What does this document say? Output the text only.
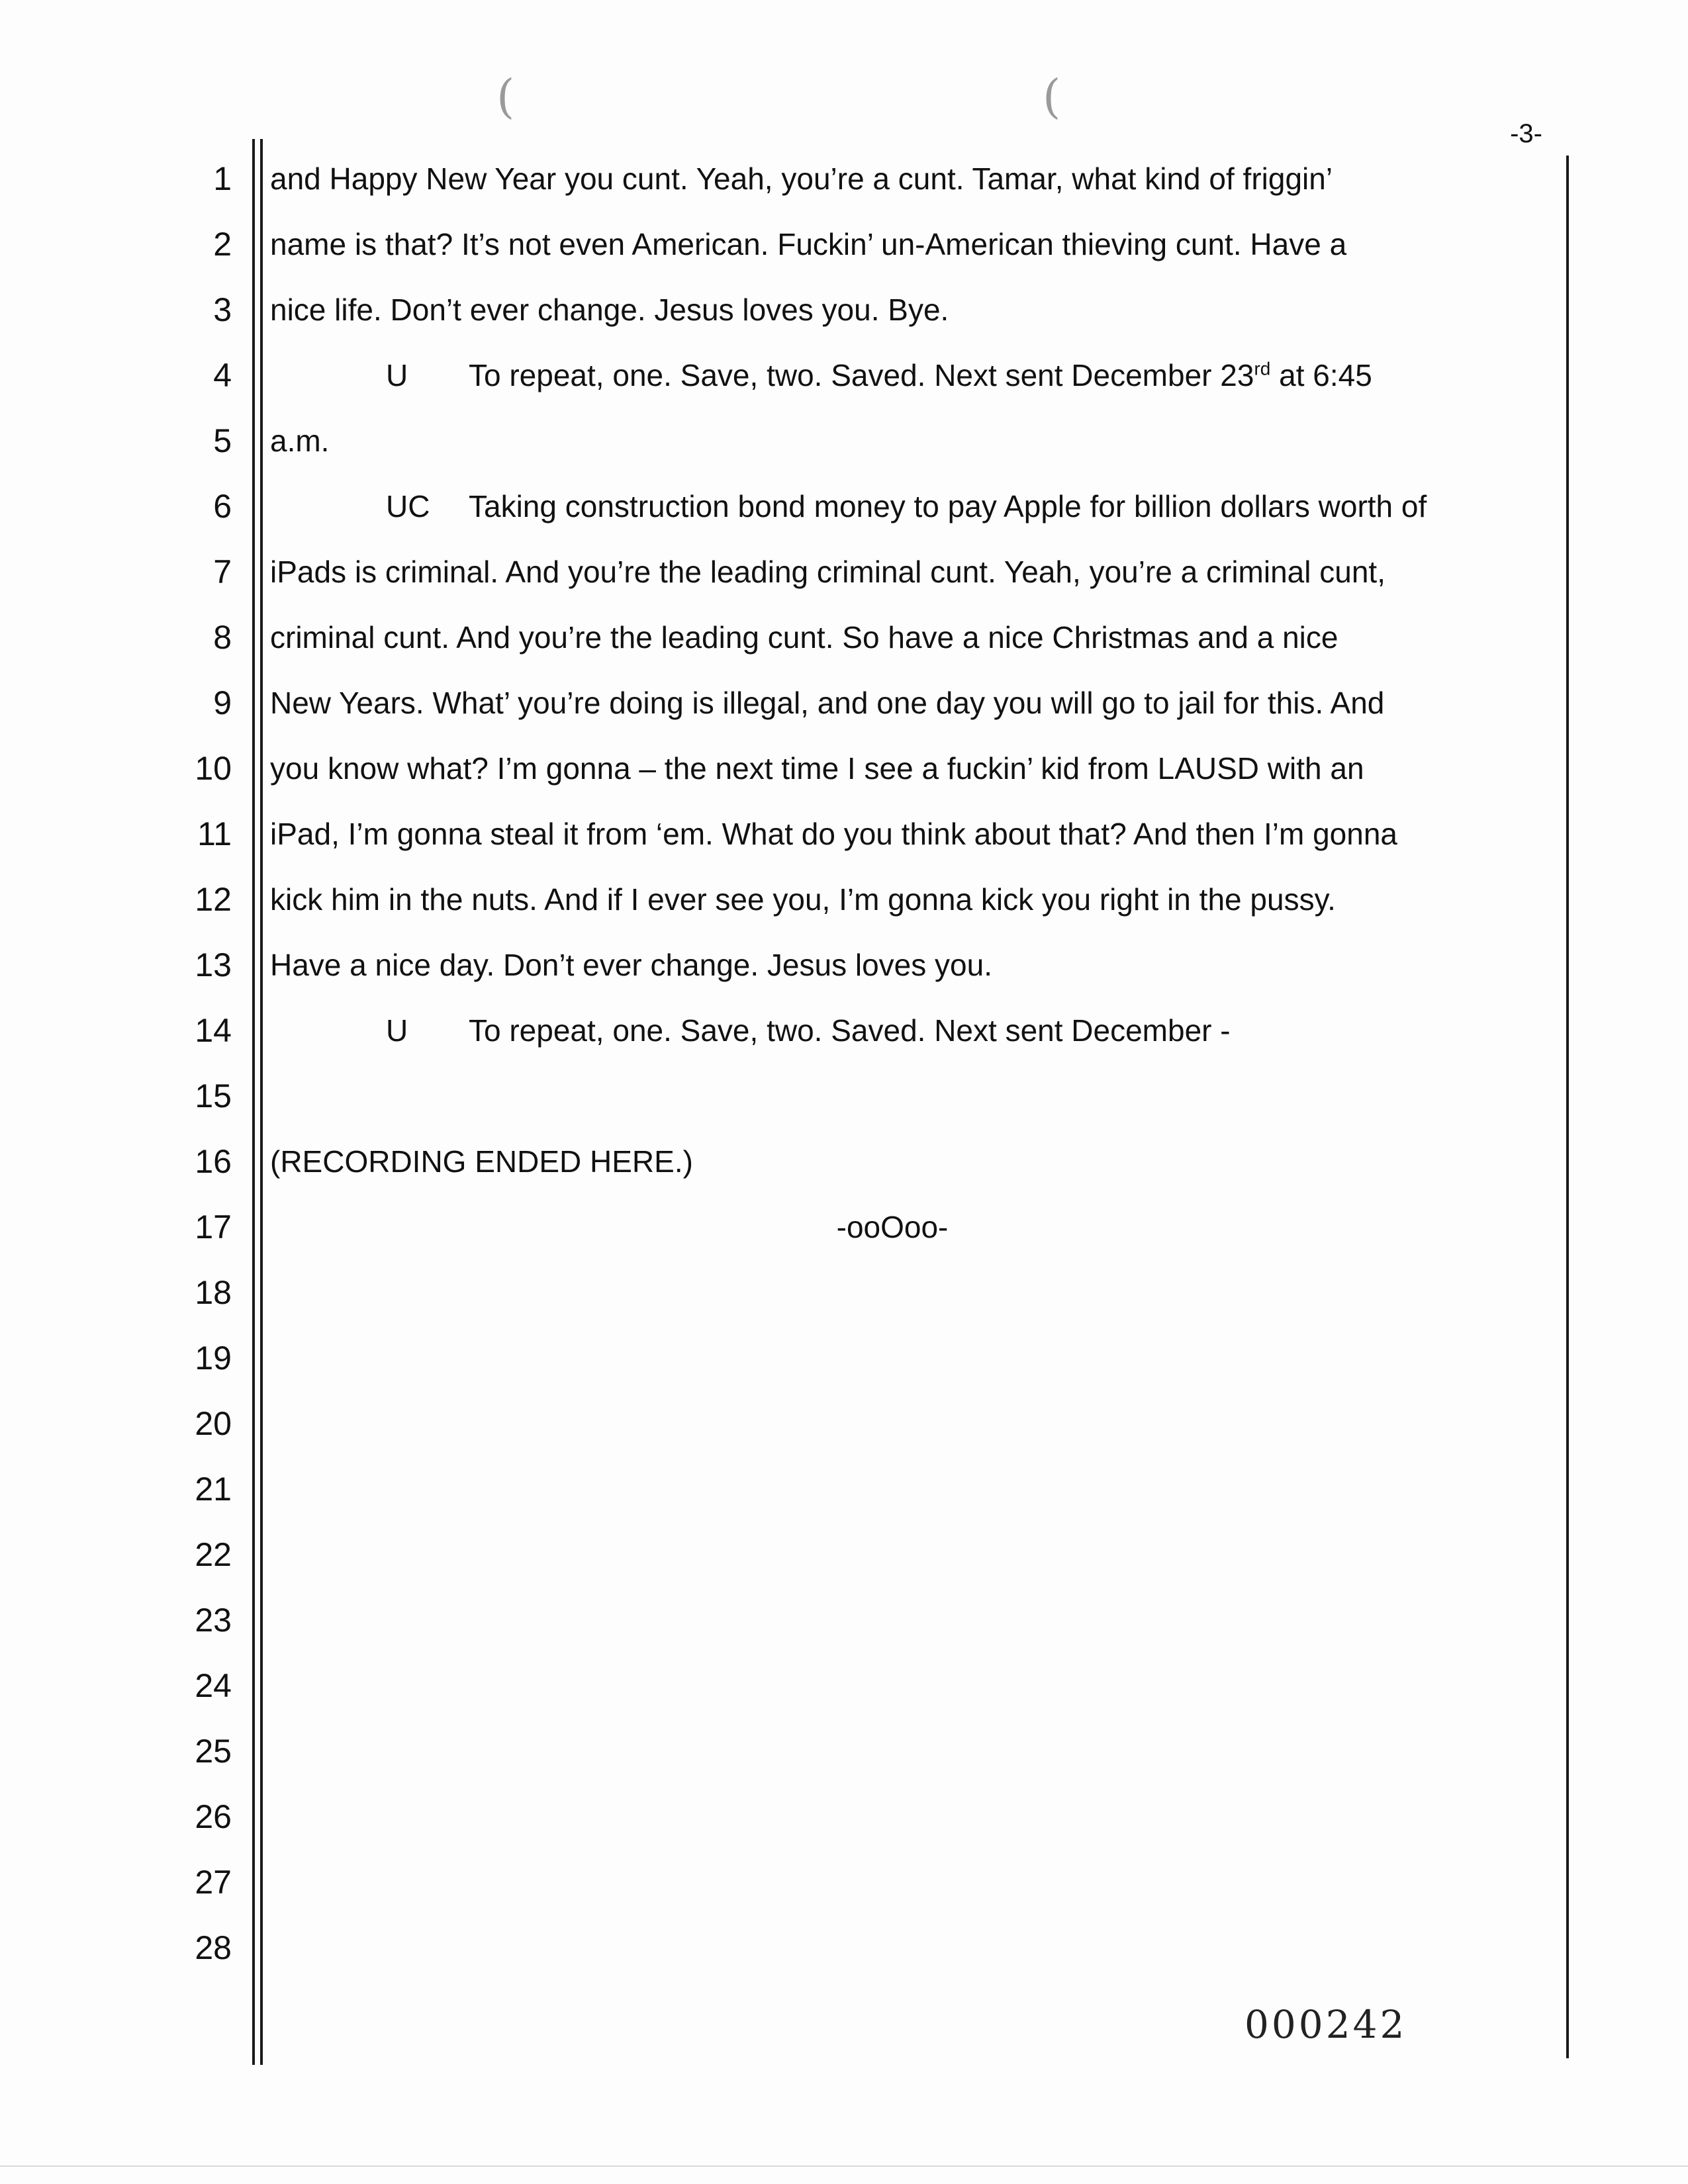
(	(
-3-
1
2
3
4
5
6
7
8
9
10
11
12
13
14
15
16
17
18
19
20
21
22
23
24
25
26
27
28
and Happy New Year you cunt. Yeah, you’re a cunt. Tamar, what kind of friggin’
name is that? It’s not even American. Fuckin’ un-American thieving cunt. Have a
nice life. Don’t ever change. Jesus loves you. Bye.
U To repeat, one. Save, two. Saved. Next sent December 23rd at 6:45
a.m.
UC Taking construction bond money to pay Apple for billion dollars worth of
iPads is criminal. And you’re the leading criminal cunt. Yeah, you’re a criminal cunt,
criminal cunt. And you’re the leading cunt. So have a nice Christmas and a nice
New Years. What’ you’re doing is illegal, and one day you will go to jail for this. And
you know what? I’m gonna – the next time I see a fuckin’ kid from LAUSD with an
iPad, I’m gonna steal it from ‘em. What do you think about that? And then I’m gonna
kick him in the nuts. And if I ever see you, I’m gonna kick you right in the pussy.
Have a nice day. Don’t ever change. Jesus loves you.
U To repeat, one. Save, two. Saved. Next sent December -
(RECORDING ENDED HERE.)
-ooOoo-
000242
